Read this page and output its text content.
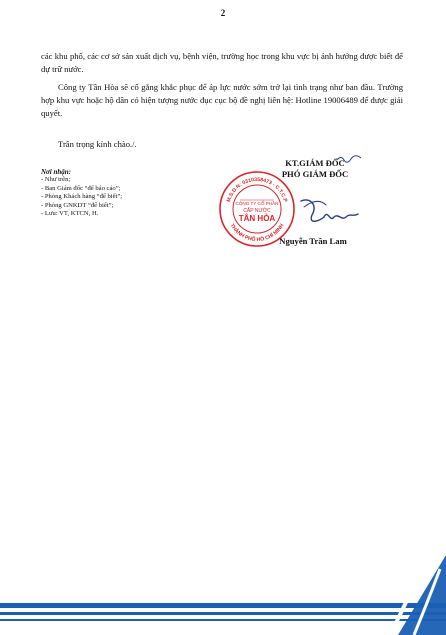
2
các khu phố, các cơ sở sản xuất dịch vụ, bệnh viện, trường học trong khu vực bị ảnh hưởng được biết để dự trữ nước.
Công ty Tân Hòa sẽ cố gắng khắc phục để áp lực nước sớm trở lại tình trạng như ban đầu. Trường hợp khu vực hoặc hộ dân có hiện tượng nước đục cục bộ đề nghị liên hệ: Hotline 19006489 để được giải quyết.
Trân trọng kính chào./.
Nơi nhận:
- Như trên;
- Ban Giám đốc “để báo cáo”;
- Phòng Khách hàng “để biết”;
- Phòng GNKDT “để biết”;
- Lưu: VT, KTCN, H.
KT.GIÁM ĐỐC
PHÓ GIÁM ĐỐC
M.S.D.N: 0310358473 - C.T.C.P
THÀNH PHỐ HỒ CHÍ MINH
CÔNG TY CỔ PHẦN
CẤP NƯỚC
TÂN HÒA
Nguyễn Trần Lam
